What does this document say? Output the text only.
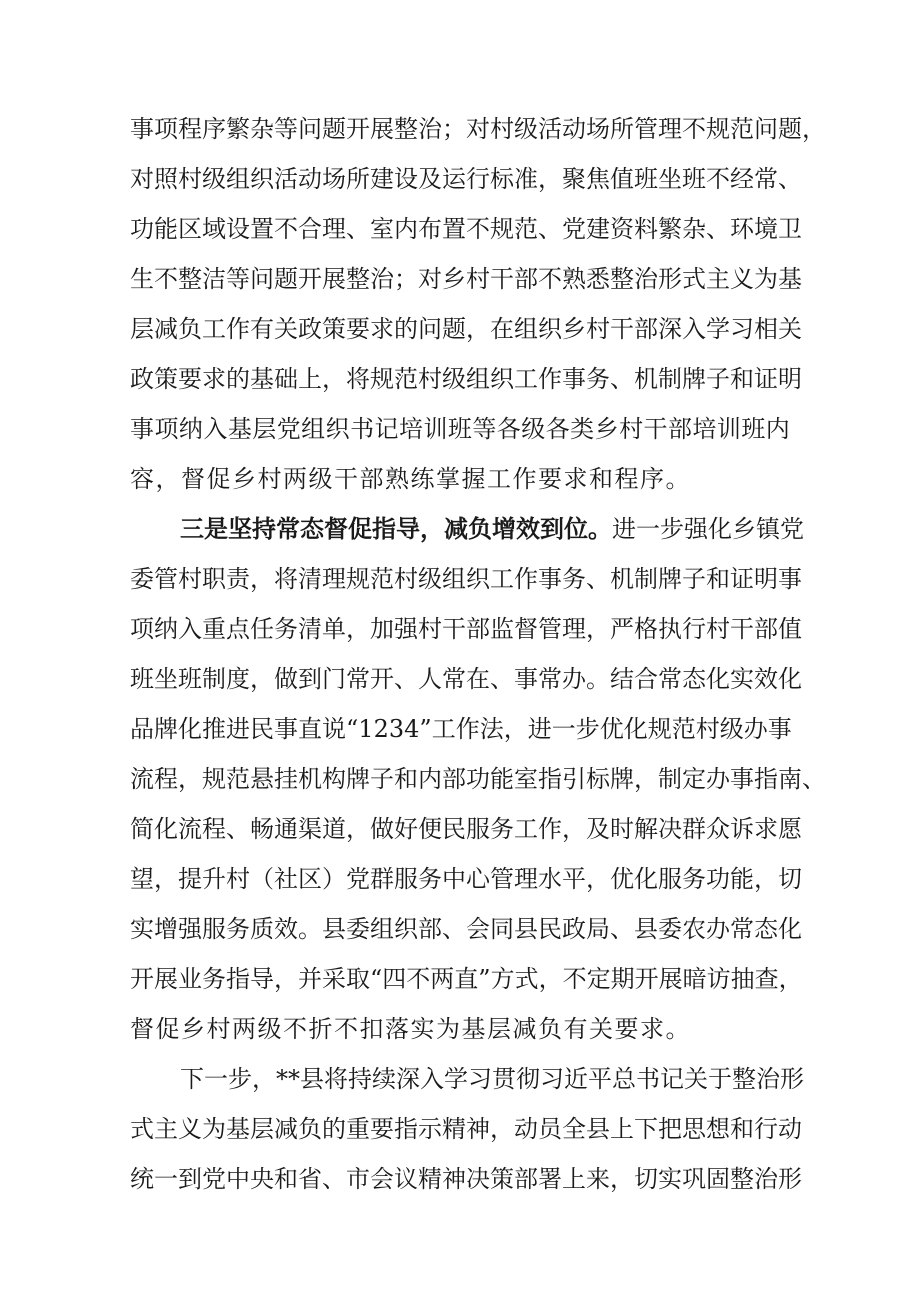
事 项 程 序 繁 杂 等 问 题 开 展 整 治 ； 对 村 级 活 动 场 所 管 理 不 规 范 问 题 ，
对 照 村 级 组 织 活 动 场 所 建 设 及 运 行 标 准 ， 聚 焦 值 班 坐 班 不 经 常 、
功 能 区 域 设 置 不 合 理 、 室 内 布 置 不 规 范 、 党 建 资 料 繁 杂 、 环 境 卫
生 不 整 洁 等 问 题 开 展 整 治 ； 对 乡 村 干 部 不 熟 悉 整 治 形 式 主 义 为 基
层 减 负 工 作 有 关 政 策 要 求 的 问 题 ， 在 组 织 乡 村 干 部 深 入 学 习 相 关
政 策 要 求 的 基 础 上 ， 将 规 范 村 级 组 织 工 作 事 务 、 机 制 牌 子 和 证 明
事 项 纳 入 基 层 党 组 织 书 记 培 训 班 等 各 级 各 类 乡 村 干 部 培 训 班 内
容，督促乡村两级干部熟练掌握工作要求和程序。
三 是 坚 持 常 态 督 促 指 导 ， 减 负 增 效 到 位 。 进 一 步 强 化 乡 镇 党
委 管 村 职 责 ， 将 清 理 规 范 村 级 组 织 工 作 事 务 、 机 制 牌 子 和 证 明 事
项 纳 入 重 点 任 务 清 单 ， 加 强 村 干 部 监 督 管 理 ， 严 格 执 行 村 干 部 值
班 坐 班 制 度 ， 做 到 门 常 开 、 人 常 在 、 事 常 办 。 结 合 常 态 化 实 效 化
品 牌 化 推 进 民 事 直 说 “ 1 2 3 4 ” 工 作 法 ， 进 一 步 优 化 规 范 村 级 办 事
流 程 ， 规 范 悬 挂 机 构 牌 子 和 内 部 功 能 室 指 引 标 牌 ， 制 定 办 事 指 南 、
简 化 流 程 、 畅 通 渠 道 ， 做 好 便 民 服 务 工 作 ， 及 时 解 决 群 众 诉 求 愿
望 ， 提 升 村 （ 社 区 ） 党 群 服 务 中 心 管 理 水 平 ， 优 化 服 务 功 能 ， 切
实 增 强 服 务 质 效 。 县 委 组 织 部 、 会 同 县 民 政 局 、 县 委 农 办 常 态 化
开 展 业 务 指 导 ， 并 采 取 “ 四 不 两 直 ” 方 式 ， 不 定 期 开 展 暗 访 抽 查 ，
督促乡村两级不折不扣落实为基层减负有关要求。
下 一 步 ， * * 县 将 持 续 深 入 学 习 贯 彻 习 近 平 总 书 记 关 于 整 治 形
式 主 义 为 基 层 减 负 的 重 要 指 示 精 神 ， 动 员 全 县 上 下 把 思 想 和 行 动
统 一 到 党 中 央 和 省 、 市 会 议 精 神 决 策 部 署 上 来 ， 切 实 巩 固 整 治 形
